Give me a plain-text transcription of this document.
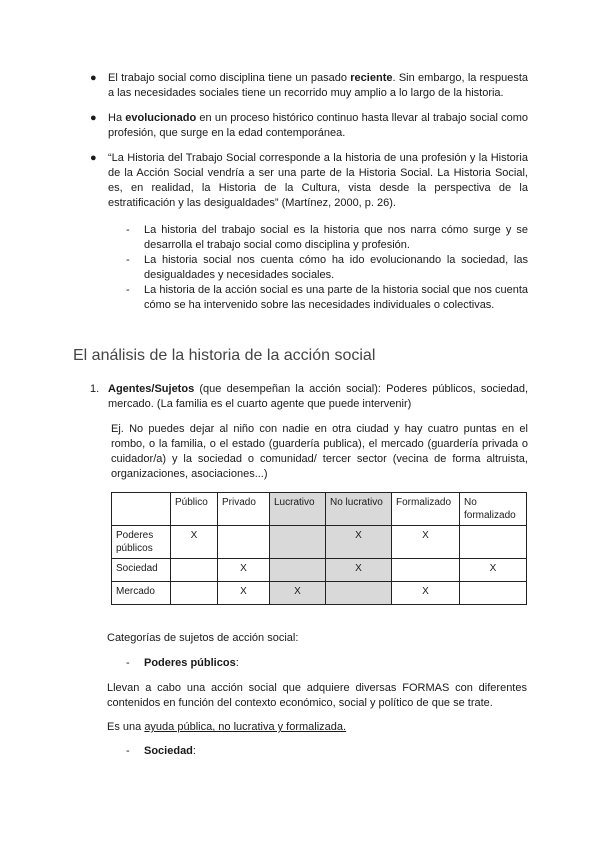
● El trabajo social como disciplina tiene un pasado reciente. Sin embargo, la respuesta a las necesidades sociales tiene un recorrido muy amplio a lo largo de la historia.
● Ha evolucionado en un proceso histórico continuo hasta llevar al trabajo social como profesión, que surge en la edad contemporánea.
● “La Historia del Trabajo Social corresponde a la historia de una profesión y la Historia de la Acción Social vendría a ser una parte de la Historia Social. La Historia Social, es, en realidad, la Historia de la Cultura, vista desde la perspectiva de la estratificación y las desigualdades” (Martínez, 2000, p. 26).
- La historia del trabajo social es la historia que nos narra cómo surge y se desarrolla el trabajo social como disciplina y profesión.
- La historia social nos cuenta cómo ha ido evolucionando la sociedad, las desigualdades y necesidades sociales.
- La historia de la acción social es una parte de la historia social que nos cuenta cómo se ha intervenido sobre las necesidades individuales o colectivas.
El análisis de la historia de la acción social
1. Agentes/Sujetos (que desempeñan la acción social): Poderes públicos, sociedad, mercado. (La familia es el cuarto agente que puede intervenir)
Ej. No puedes dejar al niño con nadie en otra ciudad y hay cuatro puntas en el rombo, o la familia, o el estado (guardería publica), el mercado (guardería privada o cuidador/a) y la sociedad o comunidad/ tercer sector (vecina de forma altruista, organizaciones, asociaciones...)
	Público	Privado	Lucrativo	No lucrativo	Formalizado	No formalizado
Poderes públicos	X			X	X	
Sociedad		X		X		X
Mercado		X	X		X	
Categorías de sujetos de acción social:
- Poderes públicos:
Llevan a cabo una acción social que adquiere diversas FORMAS con diferentes contenidos en función del contexto económico, social y político de que se trate.
Es una ayuda pública, no lucrativa y formalizada.
- Sociedad:
